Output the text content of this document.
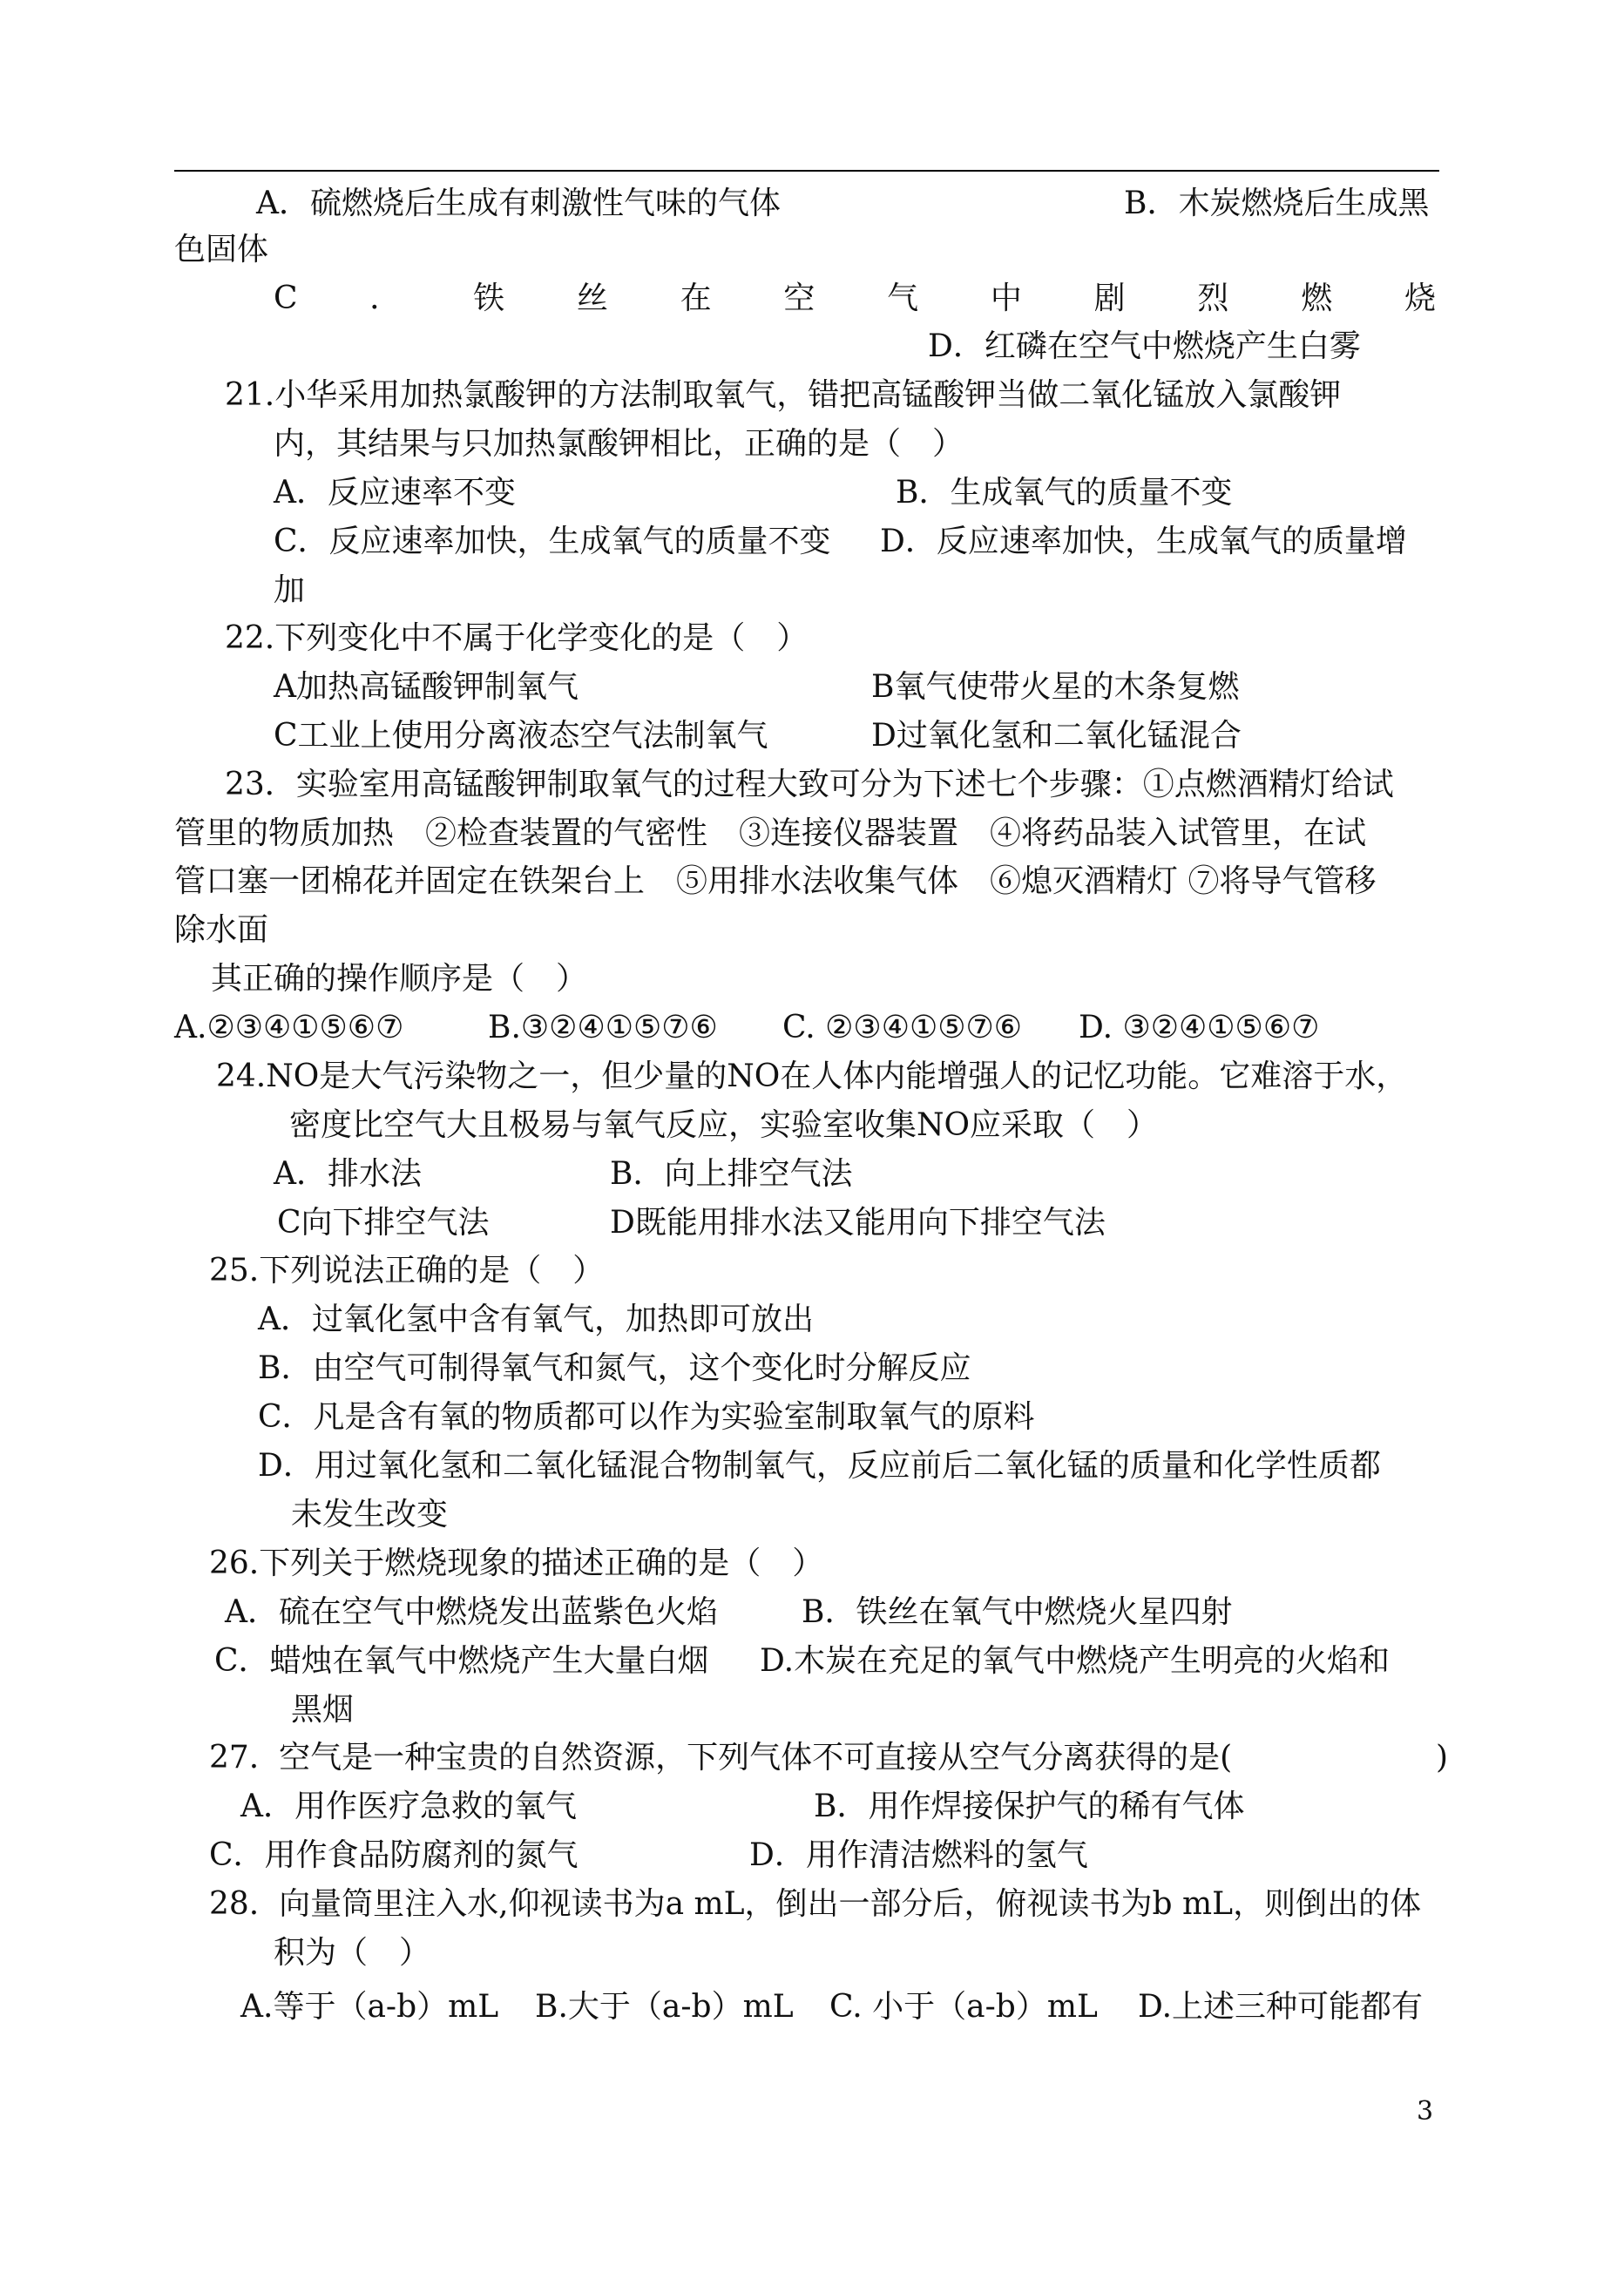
A．硫燃烧后生成有刺激性气味的气体	B．木炭燃烧后生成黑
色固体
C ． 铁 丝 在 空 气 中 剧 烈 燃 烧
D．红磷在空气中燃烧产生白雾
21.小华采用加热氯酸钾的方法制取氧气，错把高锰酸钾当做二氧化锰放入氯酸钾
内，其结果与只加热氯酸钾相比，正确的是（　）
A．反应速率不变	B．生成氧气的质量不变
C．反应速率加快，生成氧气的质量不变 D．反应速率加快，生成氧气的质量增
加
22.下列变化中不属于化学变化的是（　）
A加热高锰酸钾制氧气	B氧气使带火星的木条复燃
C工业上使用分离液态空气法制氧气	D过氧化氢和二氧化锰混合
23．实验室用高锰酸钾制取氧气的过程大致可分为下述七个步骤：①点燃酒精灯给试
管里的物质加热　②检查装置的气密性　③连接仪器装置　④将药品装入试管里，在试
管口塞一团棉花并固定在铁架台上　⑤用排水法收集气体　⑥熄灭酒精灯 ⑦将导气管移
除水面
其正确的操作顺序是（　）
A.②③④①⑤⑥⑦	B.③②④①⑤⑦⑥ C. ②③④①⑤⑦⑥ D. ③②④①⑤⑥⑦
24.NO是大气污染物之一，但少量的NO在人体内能增强人的记忆功能。它难溶于水，
密度比空气大且极易与氧气反应，实验室收集NO应采取（　）
A．排水法	B．向上排空气法
C向下排空气法	D既能用排水法又能用向下排空气法
25.下列说法正确的是（　）
A．过氧化氢中含有氧气，加热即可放出
B．由空气可制得氧气和氮气，这个变化时分解反应
C．凡是含有氧的物质都可以作为实验室制取氧气的原料
D．用过氧化氢和二氧化锰混合物制氧气，反应前后二氧化锰的质量和化学性质都
未发生改变
26.下列关于燃烧现象的描述正确的是（　）
A．硫在空气中燃烧发出蓝紫色火焰	B．铁丝在氧气中燃烧火星四射
C．蜡烛在氧气中燃烧产生大量白烟 D.木炭在充足的氧气中燃烧产生明亮的火焰和
黑烟
27.  空气是一种宝贵的自然资源，下列气体不可直接从空气分离获得的是(	)
A．用作医疗急救的氧气	B．用作焊接保护气的稀有气体
C．用作食品防腐剂的氮气	D．用作清洁燃料的氢气
28.  向量筒里注入水,仰视读书为a mL，倒出一部分后，俯视读书为b mL，则倒出的体
积为（　）
A.等于（a-b）mL B.大于（a-b）mL C. 小于（a-b）mL D.上述三种可能都有
3
